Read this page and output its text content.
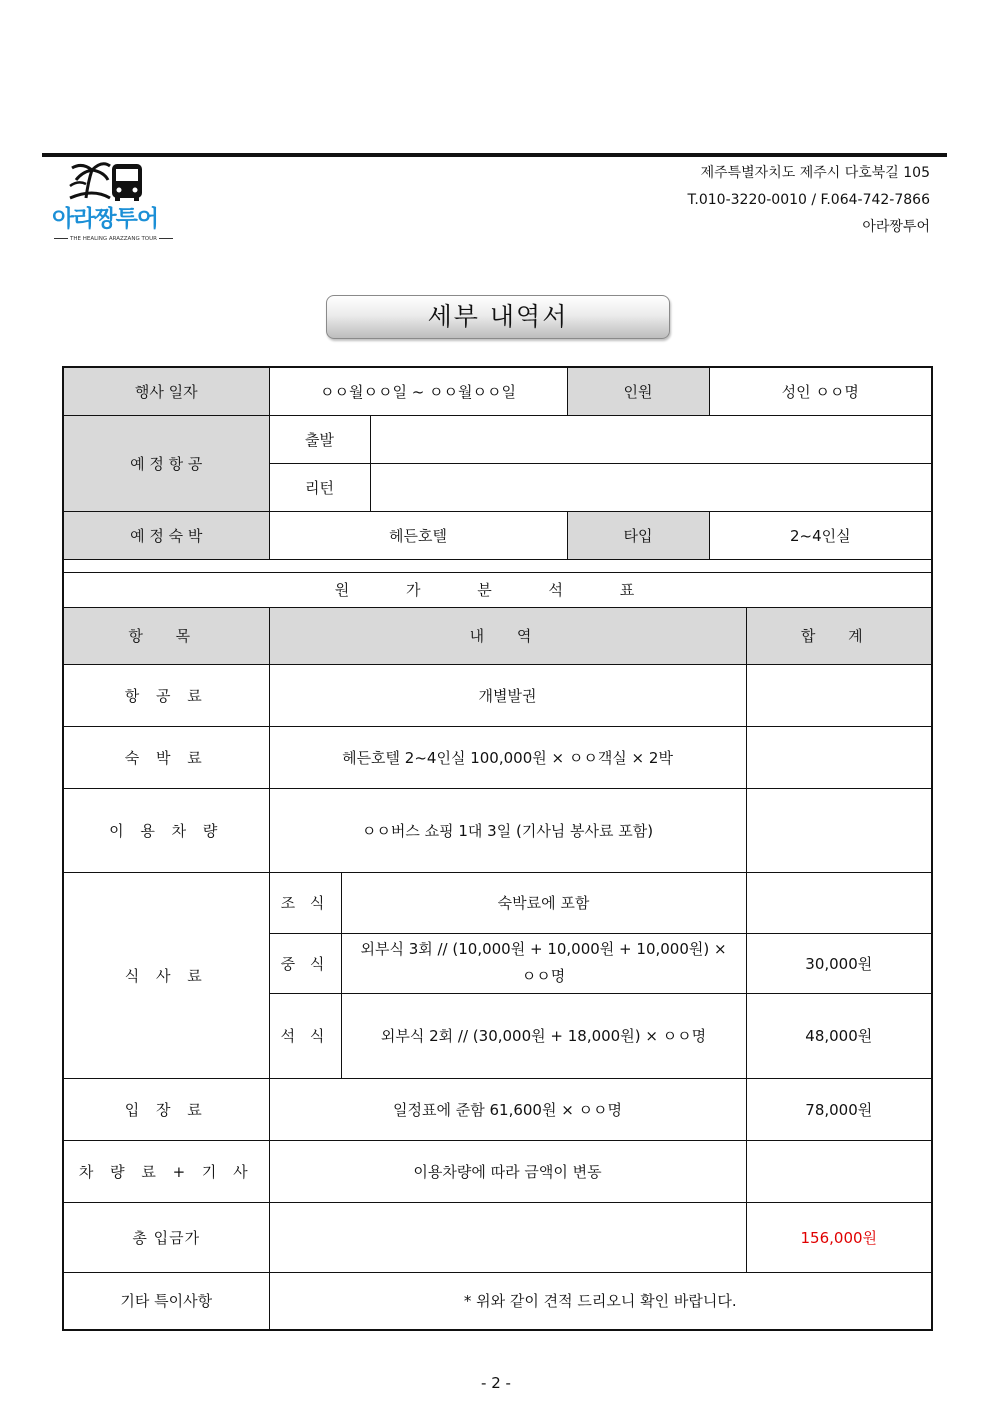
아라짱투어
THE HEALING ARAZZANG TOUR
제주특별자치도 제주시 다호북길 105
T.010-3220-0010 / F.064-742-7866
아라짱투어
세부 내역서
행사 일자	ㅇㅇ월ㅇㅇ일 ~ ㅇㅇ월ㅇㅇ일			인원	성인 ㅇㅇ명	
예 정 항 공	출발					
	리턴					
예 정 숙 박	헤든호텔			타입	2~4인실	

원 가 분 석 표						
항 목	내 역					합 계
항 공 료	개별발권					
숙 박 료	헤든호텔 2~4인실 100,000원 × ㅇㅇ객실 × 2박					
이 용 차 량	ㅇㅇ버스 쇼핑 1대 3일 (기사님 봉사료 포함)					
식 사 료	조 식	숙박료에 포함				
	중 식	외부식 3회 // (10,000원 + 10,000원 + 10,000원) × ㅇㅇ명				30,000원
	석 식	외부식 2회 // (30,000원 + 18,000원) × ㅇㅇ명				48,000원
입 장 료	일정표에 준함 61,600원 × ㅇㅇ명					78,000원
차 량 료 + 기 사	이용차량에 따라 금액이 변동					
총 입금가						156,000원
기타 특이사항	* 위와 같이 견적 드리오니 확인 바랍니다.					
- 2 -
